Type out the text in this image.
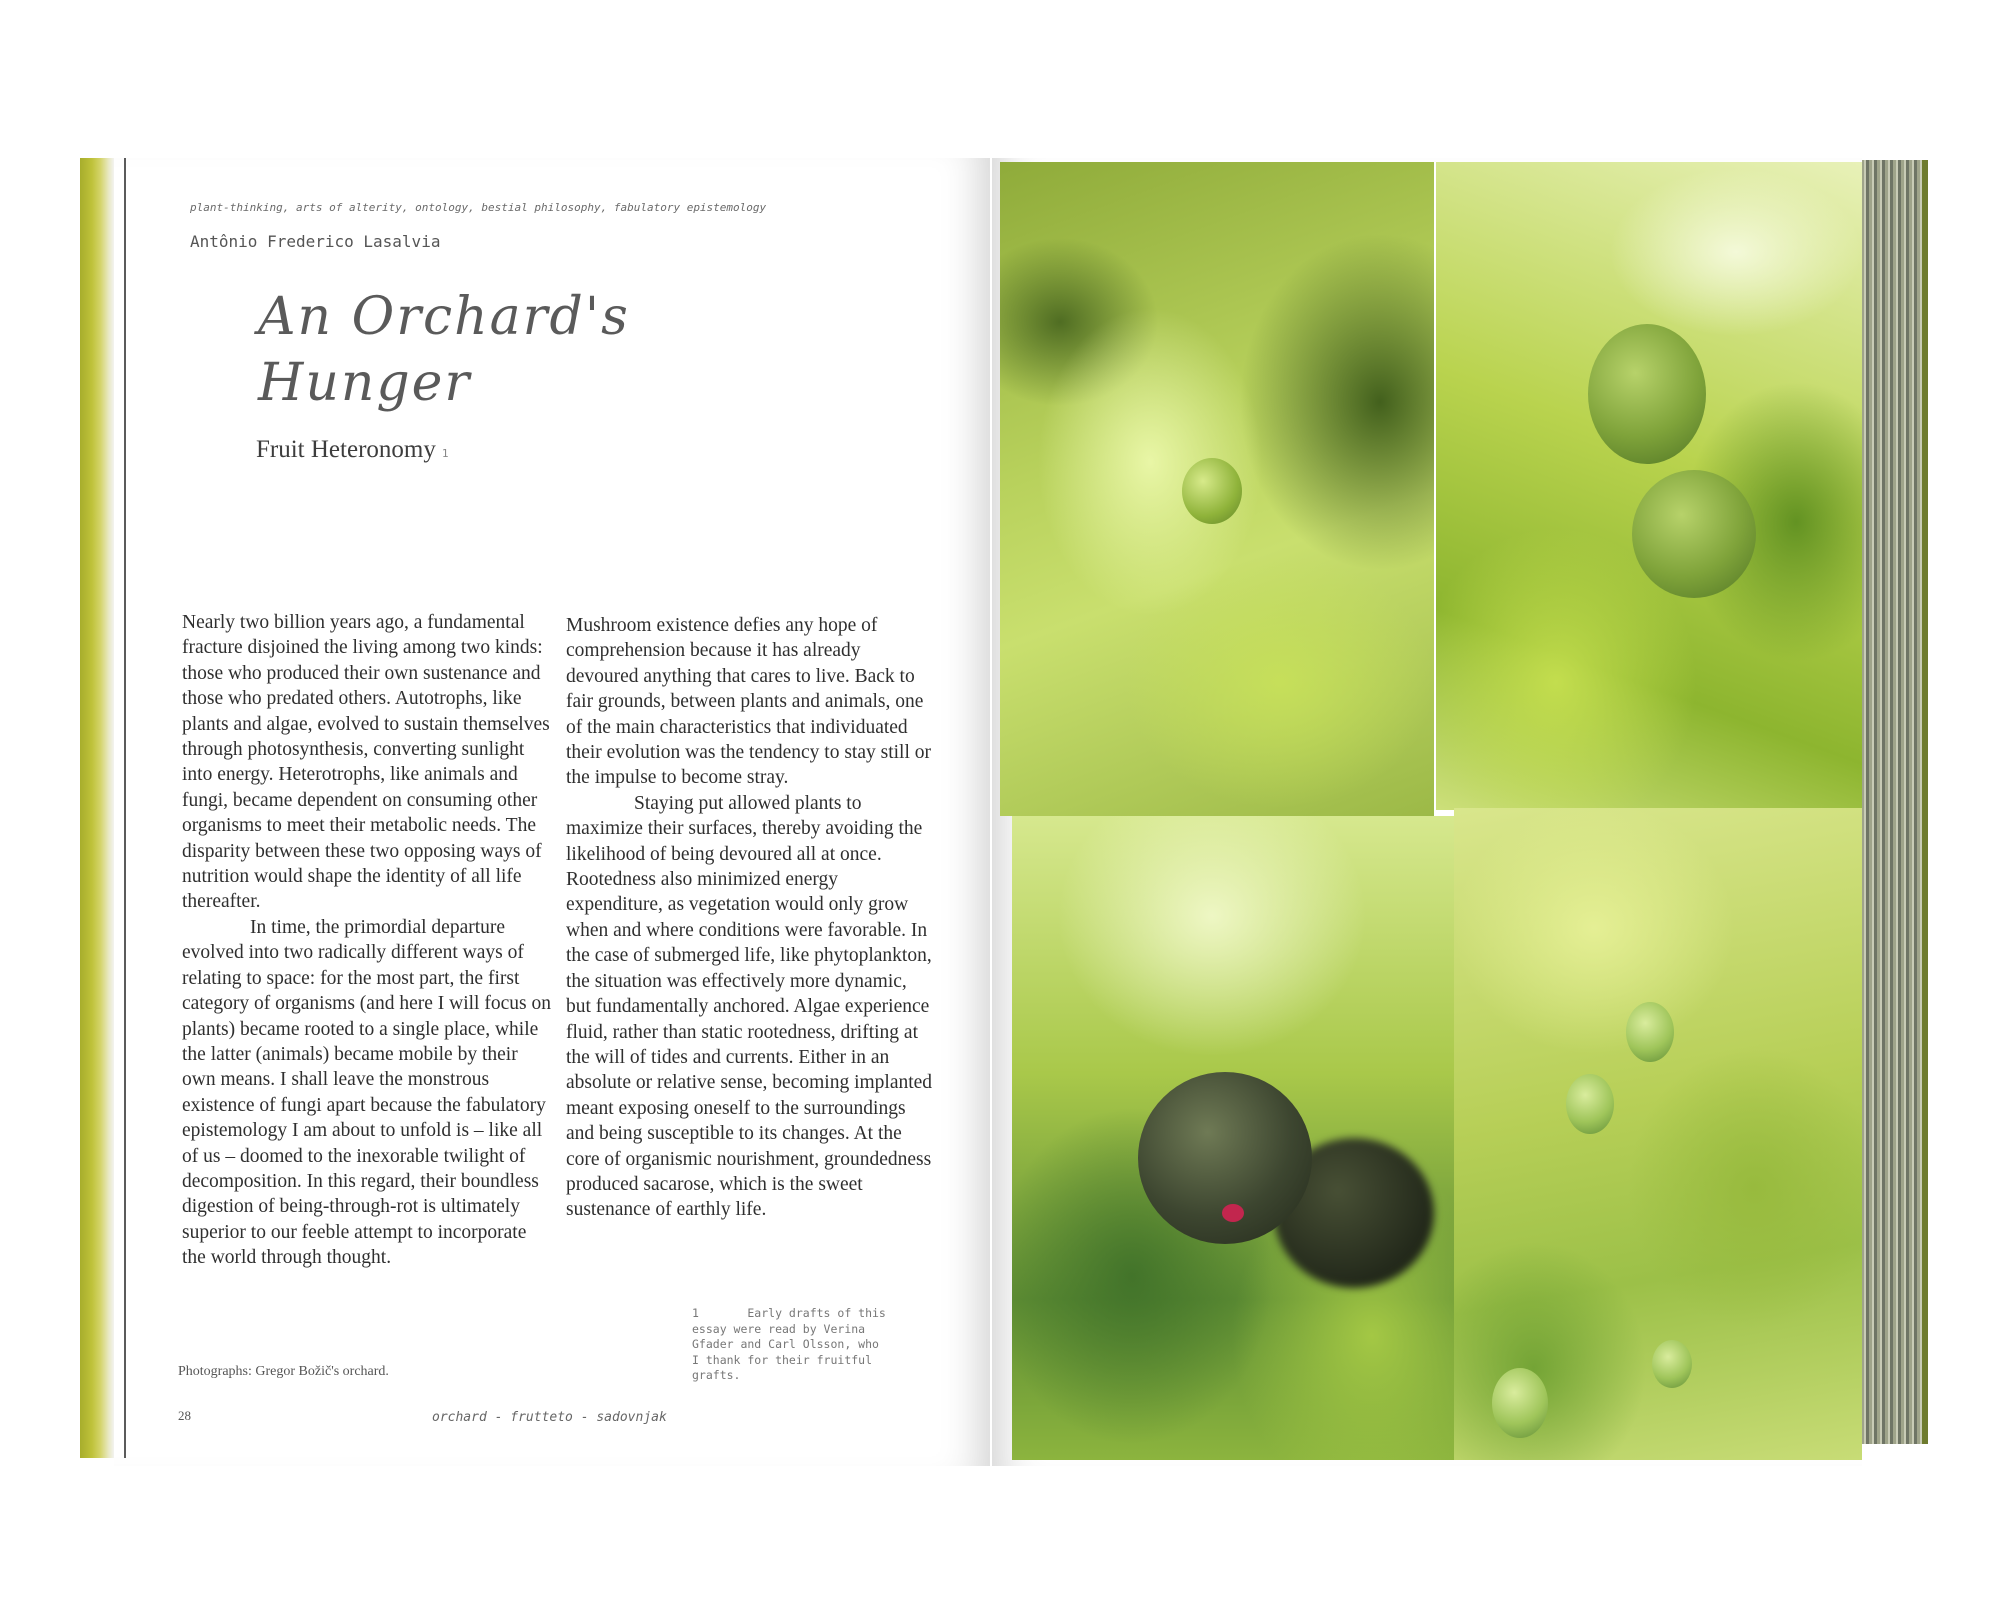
plant-thinking, arts of alterity, ontology, bestial philosophy, fabulatory epistemology
Antônio Frederico Lasalvia
An Orchard's
Hunger
Fruit Heteronomy 1

Nearly two billion years ago, a fundamental fracture disjoined the living among two kinds: those who produced their own sustenance and those who predated others. Autotrophs, like plants and algae, evolved to sustain themselves through photosynthesis, converting sunlight into energy. Heterotrophs, like animals and fungi, became dependent on consuming other organisms to meet their metabolic needs. The disparity between these two opposing ways of nutrition would shape the identity of all life thereafter.

In time, the primordial departure evolved into two radically different ways of relating to space: for the most part, the first category of organisms (and here I will focus on plants) became rooted to a single place, while the latter (animals) became mobile by their own means. I shall leave the monstrous existence of fungi apart because the fabulatory epistemology I am about to unfold is – like all of us – doomed to the inexorable twilight of decomposition. In this regard, their boundless digestion of being-through-rot is ultimately superior to our feeble attempt to incorporate the world through thought.

Mushroom existence defies any hope of comprehension because it has already devoured anything that cares to live. Back to fair grounds, between plants and animals, one of the main characteristics that individuated their evolution was the tendency to stay still or the impulse to become stray.

Staying put allowed plants to maximize their surfaces, thereby avoiding the likelihood of being devoured all at once. Rootedness also minimized energy expenditure, as vegetation would only grow when and where conditions were favorable. In the case of submerged life, like phytoplankton, the situation was effectively more dynamic, but fundamentally anchored. Algae experience fluid, rather than static rootedness, drifting at the will of tides and currents. Either in an absolute or relative sense, becoming implanted meant exposing oneself to the surroundings and being susceptible to its changes. At the core of organismic nourishment, groundedness produced sacarose, which is the sweet sustenance of earthly life.

1       Early drafts of this
essay were read by Verina
Gfader and Carl Olsson, who
I thank for their fruitful
grafts.
Photographs: Gregor Božič's orchard.
28	orchard - frutteto - sadovnjak
